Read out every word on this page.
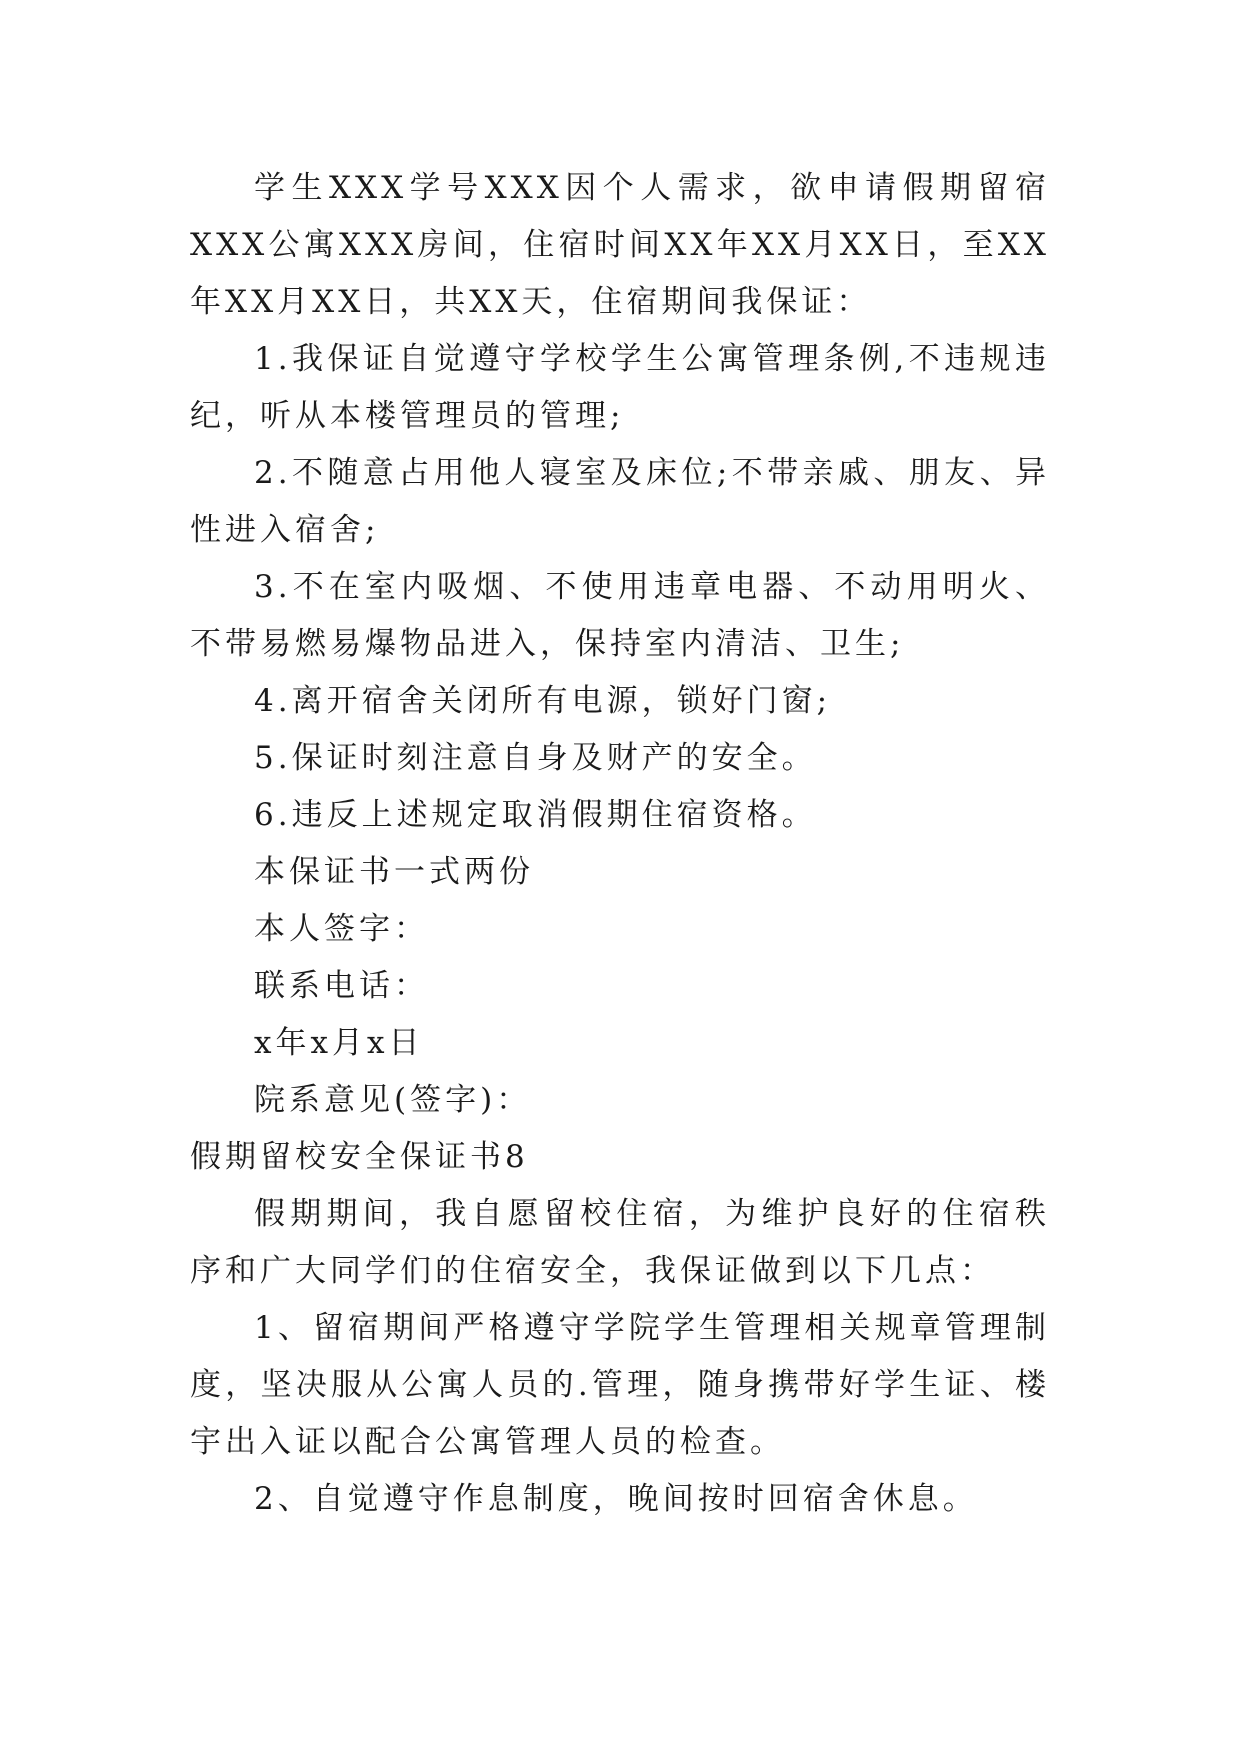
学生XXX学号XXX因个人需求，欲申请假期留宿XXX公寓XXX房间，住宿时间XX年XX月XX日，至XX年XX月XX日，共XX天，住宿期间我保证：

1.我保证自觉遵守学校学生公寓管理条例,不违规违纪，听从本楼管理员的管理;

2.不随意占用他人寝室及床位;不带亲戚、朋友、异性进入宿舍;

3.不在室内吸烟、不使用违章电器、不动用明火、不带易燃易爆物品进入，保持室内清洁、卫生;

4.离开宿舍关闭所有电源，锁好门窗;

5.保证时刻注意自身及财产的安全。

6.违反上述规定取消假期住宿资格。

本保证书一式两份

本人签字：

联系电话：

x年x月x日

院系意见(签字)：

假期留校安全保证书8

假期期间，我自愿留校住宿，为维护良好的住宿秩序和广大同学们的住宿安全，我保证做到以下几点：

1、留宿期间严格遵守学院学生管理相关规章管理制度，坚决服从公寓人员的.管理，随身携带好学生证、楼宇出入证以配合公寓管理人员的检查。

2、自觉遵守作息制度，晚间按时回宿舍休息。
